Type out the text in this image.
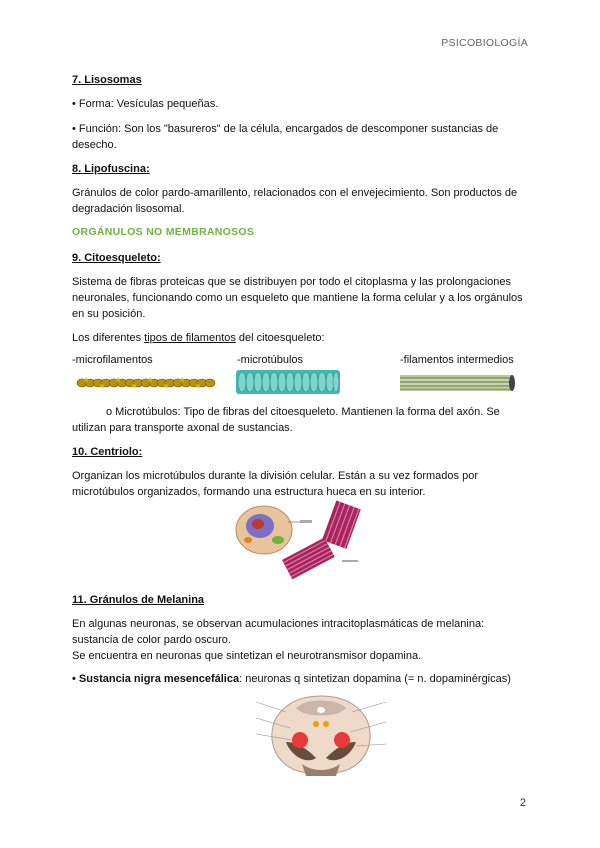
PSICOBIOLOGÍA
7. Lisosomas
• Forma: Vesículas pequeñas.
• Función: Son los "basureros" de la célula, encargados de descomponer sustancias de
desecho.
8. Lipofuscina:
Gránulos de color pardo-amarillento, relacionados con el envejecimiento. Son productos de
degradación lisosomal.
ORGÁNULOS NO MEMBRANOSOS
9. Citoesqueleto:
Sistema de fibras proteicas que se distribuyen por todo el citoplasma y las prolongaciones
neuronales, funcionando como un esqueleto que mantiene la forma celular y a los orgánulos
en su posición.
Los diferentes tipos de filamentos del citoesqueleto:
-microfilamentos	-microtúbulos	-filamentos intermedios
o Microtúbulos: Tipo de fibras del citoesqueleto. Mantienen la forma del axón. Se
utilizan para transporte axonal de sustancias.
10. Centriolo:
Organizan los microtúbulos durante la división celular. Están a su vez formados por
microtúbulos organizados, formando una estructura hueca en su interior.
11. Gránulos de Melanina
En algunas neuronas, se observan acumulaciones intracitoplasmáticas de melanina:
sustancia de color pardo oscuro.
Se encuentra en neuronas que sintetizan el neurotransmisor dopamina.
• Sustancia nigra mesencefálica: neuronas q sintetizan dopamina (= n. dopaminérgicas)
2
